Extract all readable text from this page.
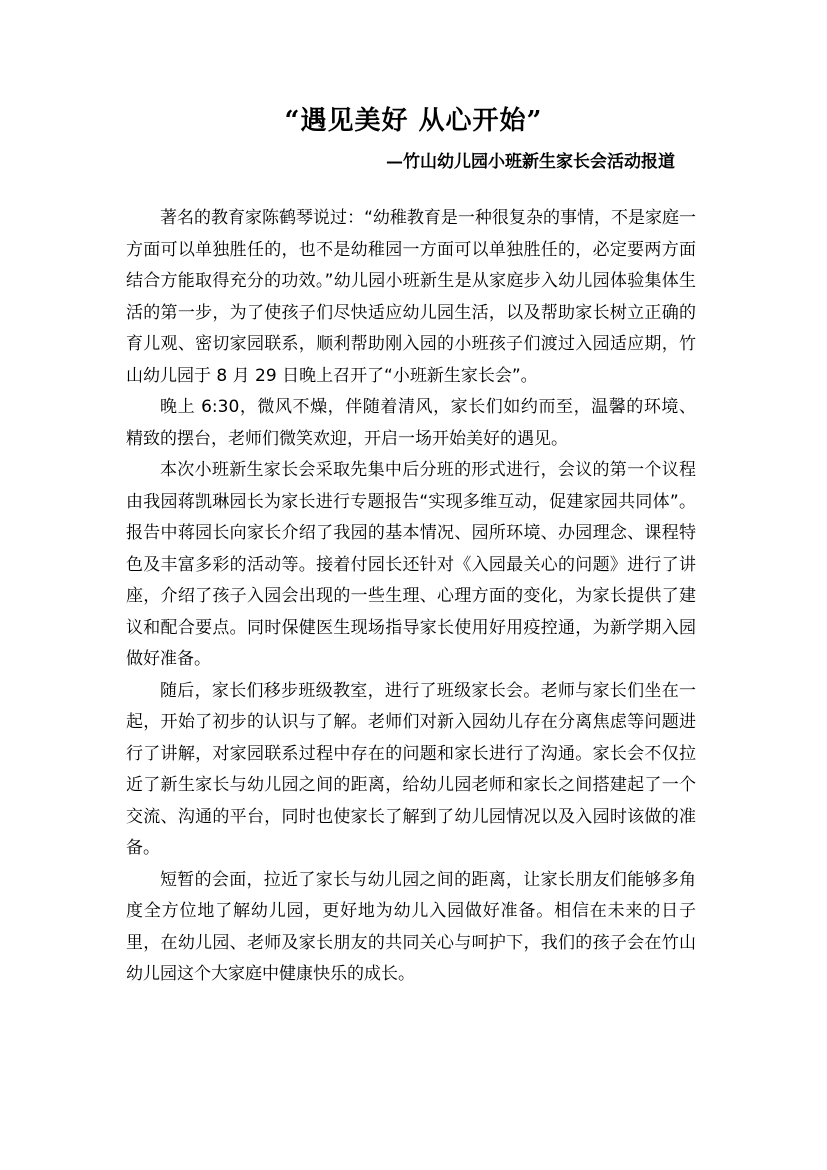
“遇见美好 从心开始”
—竹山幼儿园小班新生家长会活动报道

著名的教育家陈鹤琴说过：“幼稚教育是一种很复杂的事情，不是家庭一方面可以单独胜任的，也不是幼稚园一方面可以单独胜任的，必定要两方面结合方能取得充分的功效。”幼儿园小班新生是从家庭步入幼儿园体验集体生活的第一步，为了使孩子们尽快适应幼儿园生活，以及帮助家长树立正确的育儿观、密切家园联系，顺利帮助刚入园的小班孩子们渡过入园适应期，竹山幼儿园于 8 月 29 日晚上召开了“小班新生家长会”。

晚上 6:30，微风不燥，伴随着清风，家长们如约而至，温馨的环境、精致的摆台，老师们微笑欢迎，开启一场开始美好的遇见。

本次小班新生家长会采取先集中后分班的形式进行，会议的第一个议程由我园蒋凯琳园长为家长进行专题报告“实现多维互动，促建家园共同体”。报告中蒋园长向家长介绍了我园的基本情况、园所环境、办园理念、课程特色及丰富多彩的活动等。接着付园长还针对《入园最关心的问题》进行了讲座，介绍了孩子入园会出现的一些生理、心理方面的变化，为家长提供了建议和配合要点。同时保健医生现场指导家长使用好用疫控通，为新学期入园做好准备。

随后，家长们移步班级教室，进行了班级家长会。老师与家长们坐在一起，开始了初步的认识与了解。老师们对新入园幼儿存在分离焦虑等问题进行了讲解，对家园联系过程中存在的问题和家长进行了沟通。家长会不仅拉近了新生家长与幼儿园之间的距离，给幼儿园老师和家长之间搭建起了一个交流、沟通的平台，同时也使家长了解到了幼儿园情况以及入园时该做的准备。

短暂的会面，拉近了家长与幼儿园之间的距离，让家长朋友们能够多角度全方位地了解幼儿园，更好地为幼儿入园做好准备。相信在未来的日子里，在幼儿园、老师及家长朋友的共同关心与呵护下，我们的孩子会在竹山幼儿园这个大家庭中健康快乐的成长。
